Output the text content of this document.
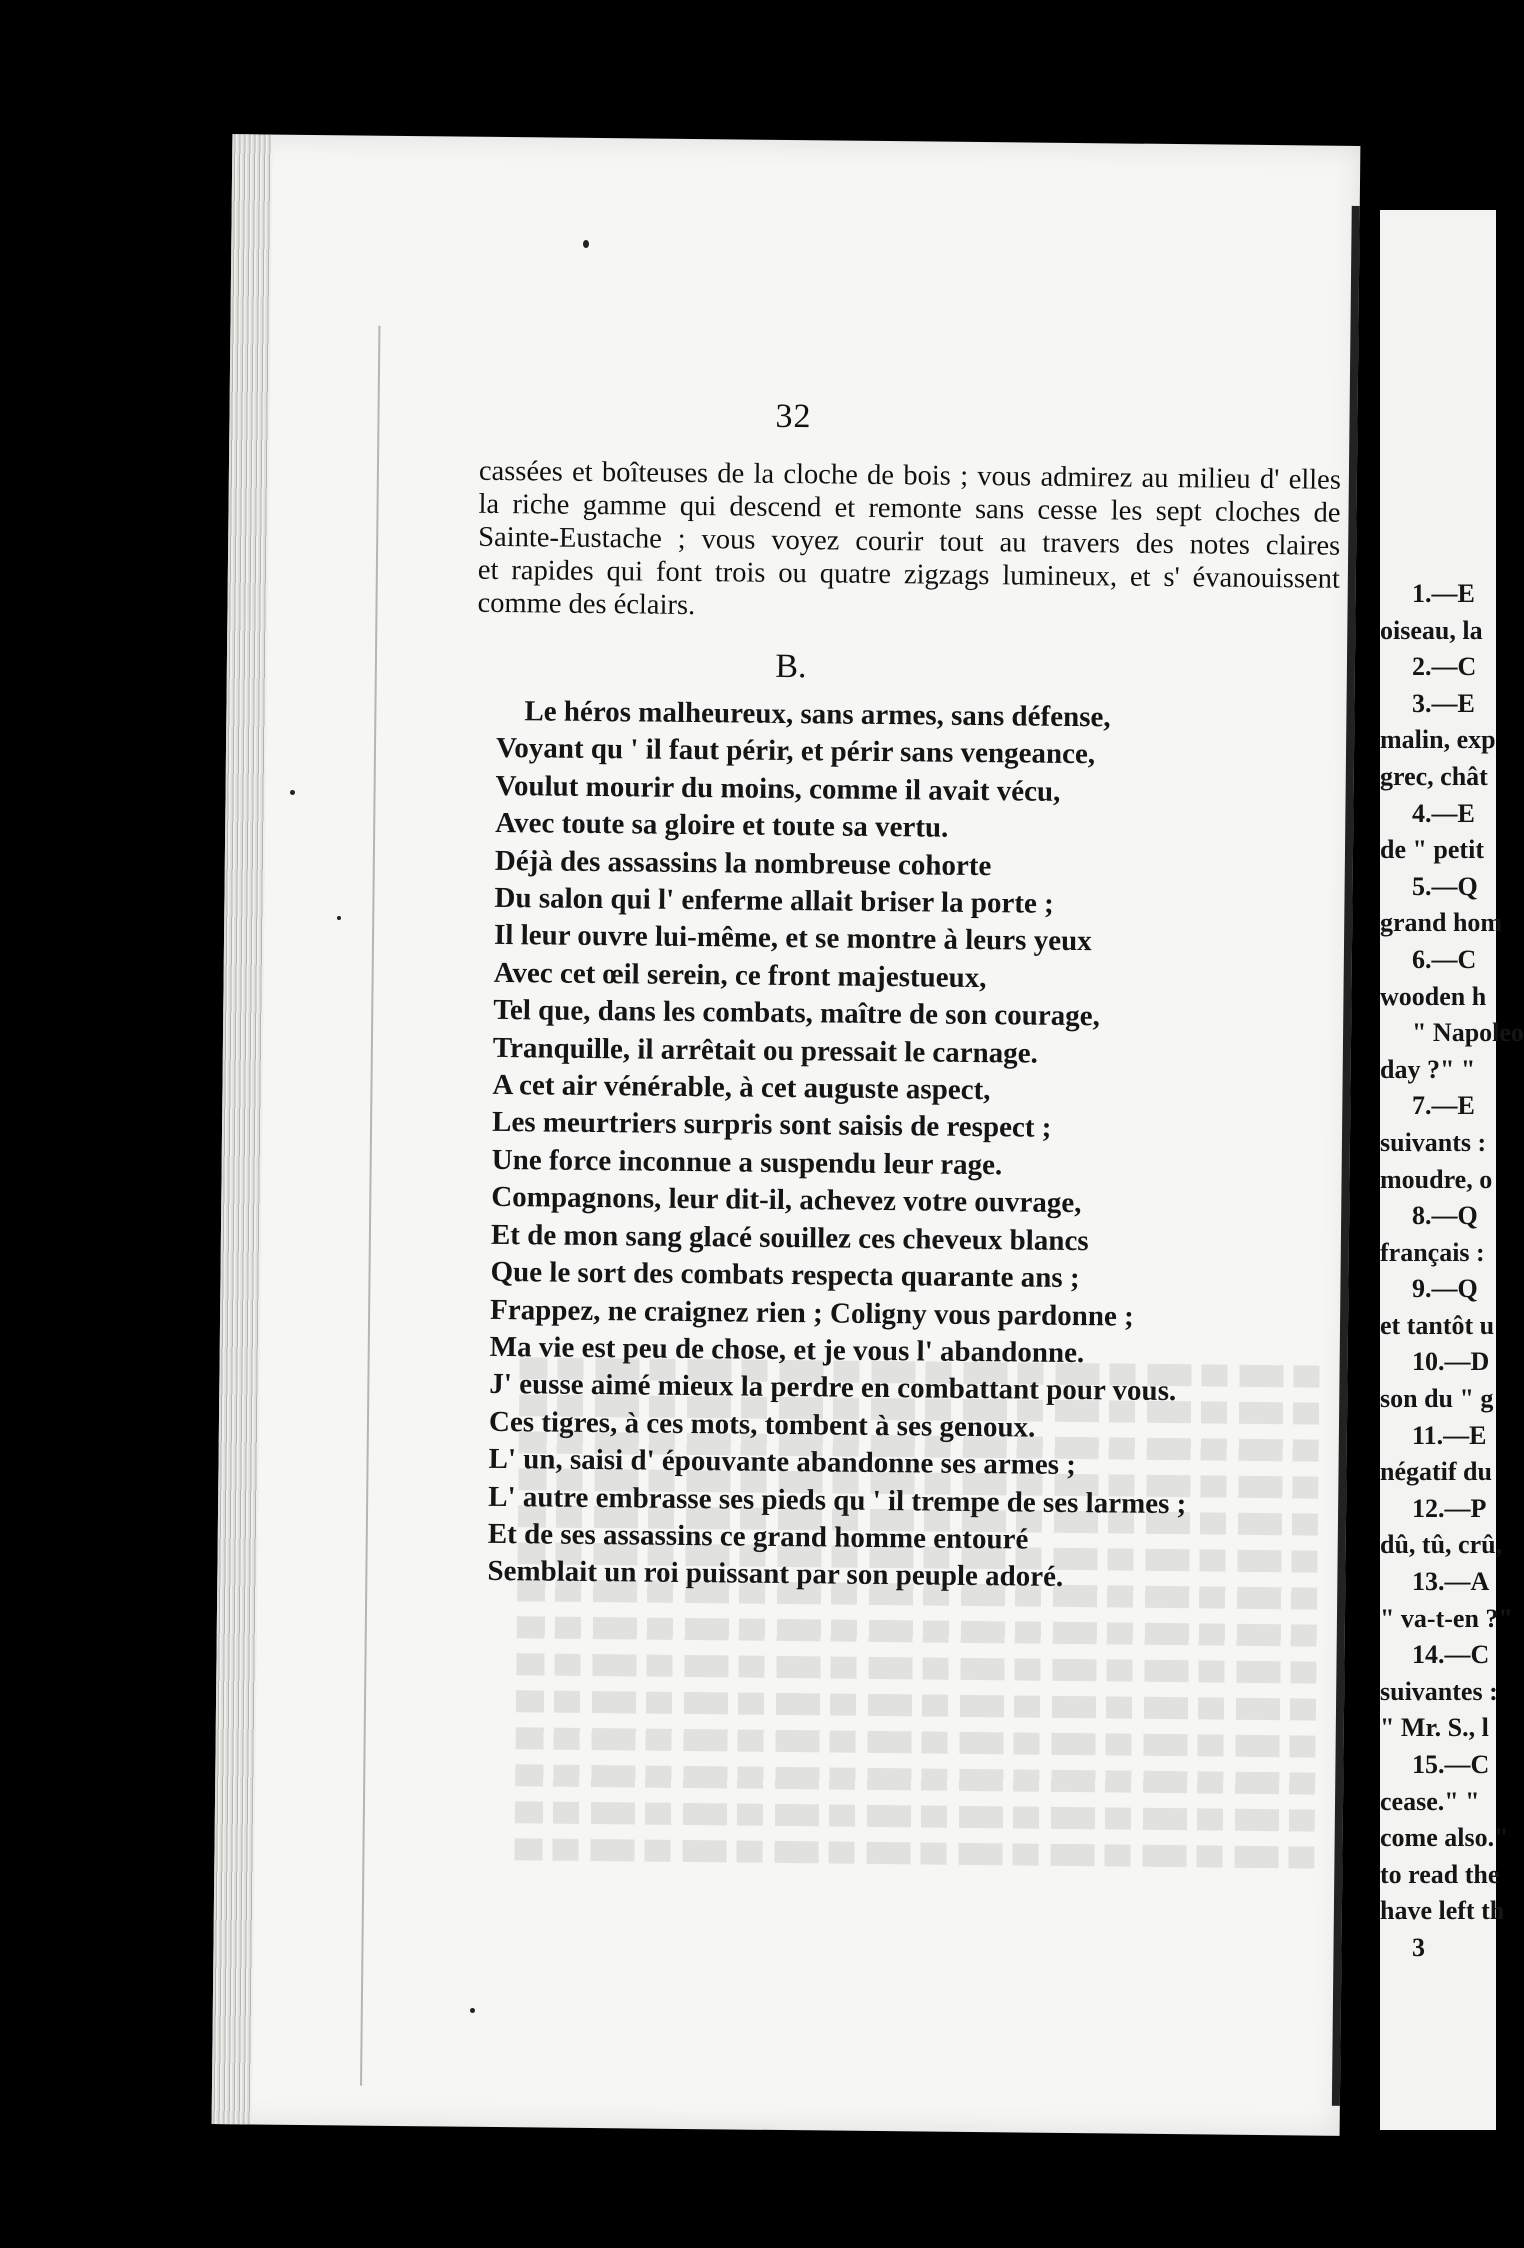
32
cassées et boîteuses de la cloche de bois ; vous admirez au milieu d' elles
la riche gamme qui descend et remonte sans cesse les sept cloches de
Sainte-Eustache ; vous voyez courir tout au travers des notes claires
et rapides qui font trois ou quatre zigzags lumineux, et s' évanouissent
comme des éclairs.
B.
Le héros malheureux, sans armes, sans défense,
Voyant qu ' il faut périr, et périr sans vengeance,
Voulut mourir du moins, comme il avait vécu,
Avec toute sa gloire et toute sa vertu.
Déjà des assassins la nombreuse cohorte
Du salon qui l' enferme allait briser la porte ;
Il leur ouvre lui-même, et se montre à leurs yeux
Avec cet œil serein, ce front majestueux,
Tel que, dans les combats, maître de son courage,
Tranquille, il arrêtait ou pressait le carnage.
A cet air vénérable, à cet auguste aspect,
Les meurtriers surpris sont saisis de respect ;
Une force inconnue a suspendu leur rage.
Compagnons, leur dit-il, achevez votre ouvrage,
Et de mon sang glacé souillez ces cheveux blancs
Que le sort des combats respecta quarante ans ;
Frappez, ne craignez rien ; Coligny vous pardonne ;
Ma vie est peu de chose, et je vous l' abandonne.
J' eusse aimé mieux la perdre en combattant pour vous.
Ces tigres, à ces mots, tombent à ses genoux.
L' un, saisi d' épouvante abandonne ses armes ;
L' autre embrasse ses pieds qu ' il trempe de ses larmes ;
Et de ses assassins ce grand homme entouré
Semblait un roi puissant par son peuple adoré.
1.—E
oiseau, la
2.—C
3.—E
malin, exp
grec, chât
4.—E
de " petit
5.—Q
grand hom
6.—C
wooden h
" Napoleo
day ?" "
7.—E
suivants :
moudre, o
8.—Q
français :
9.—Q
et tantôt u
10.—D
son du " g
11.—E
négatif du
12.—P
dû, tû, crû,
13.—A
" va-t-en ?"
14.—C
suivantes :
" Mr. S., l
15.—C
cease." "
come also."
to read the
have left th
3
